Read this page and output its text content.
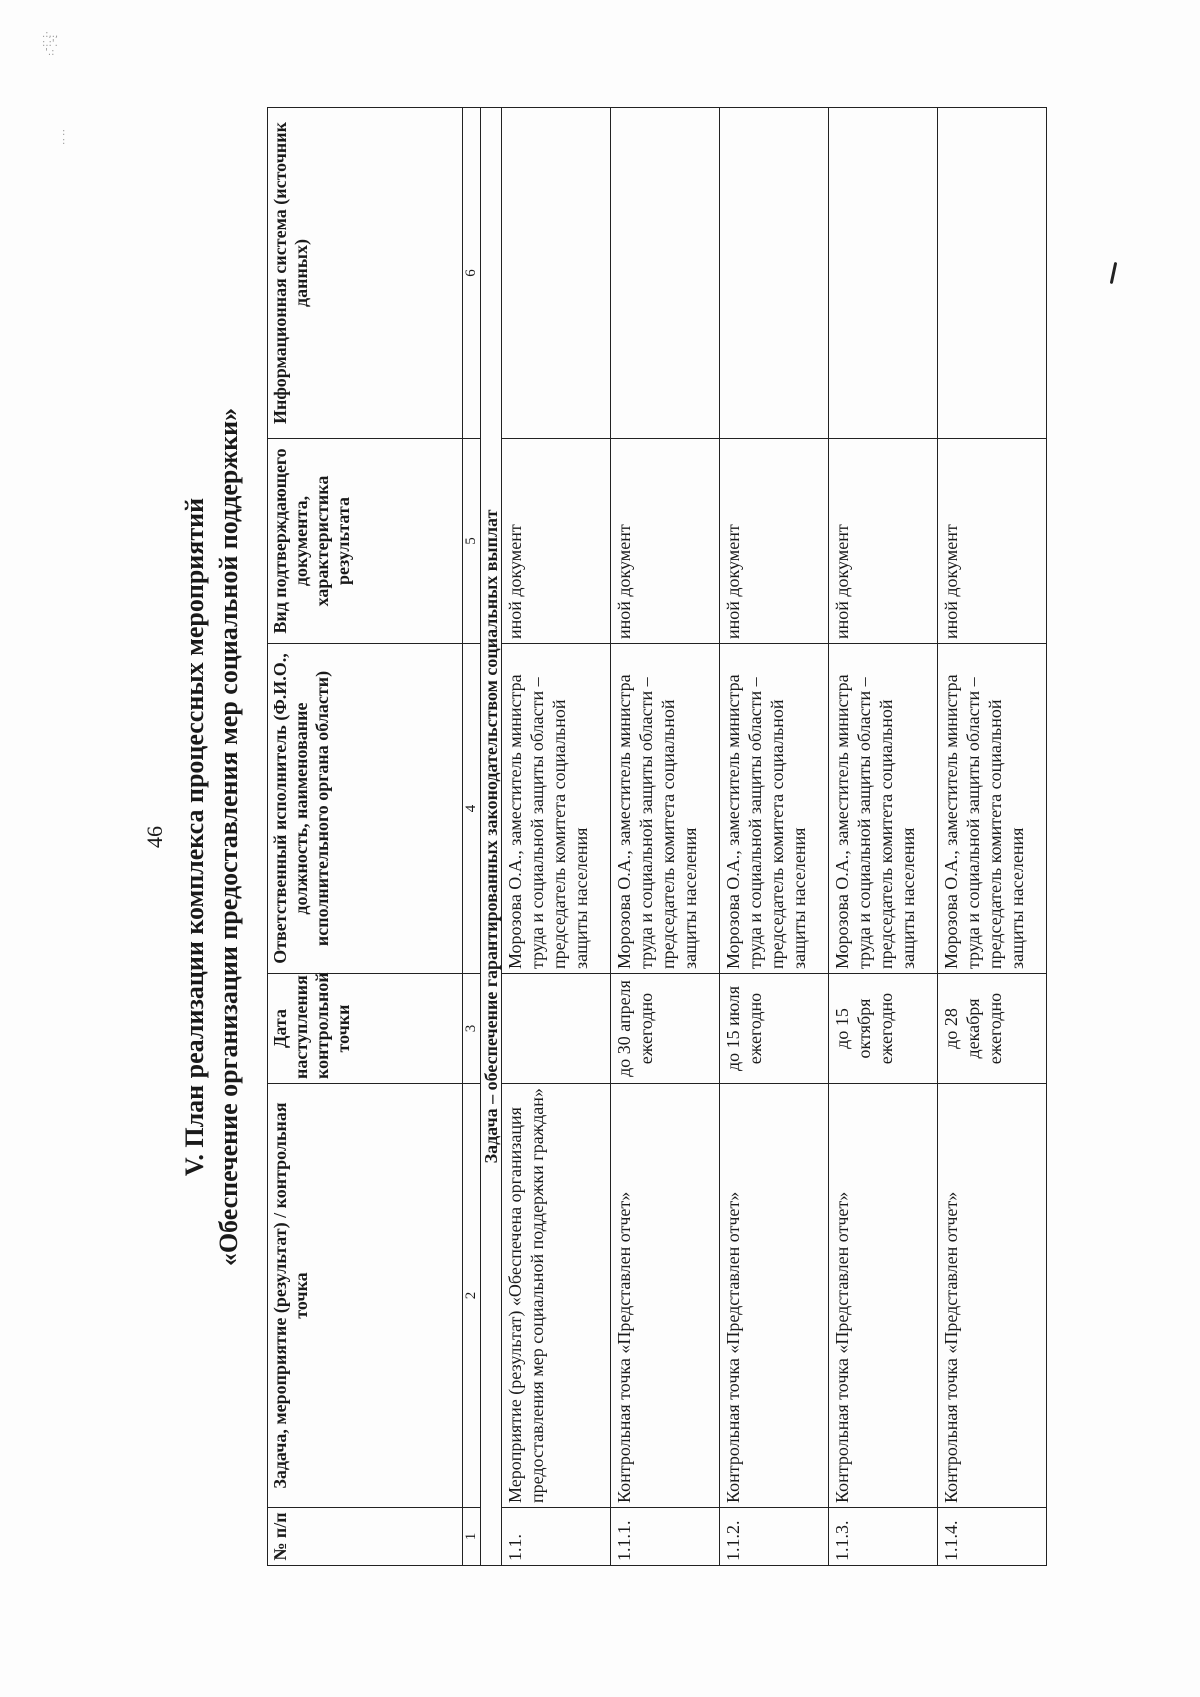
.:,.,
:.:'.
'.:
:
:
46 V. План реализации комплекса процессных мероприятий «Обеспечение организации предоставления мер социальной поддержки»
№ п/п	Задача, мероприятие (результат) / контрольная точка	Дата наступления контрольной точки	Ответственный исполнитель (Ф.И.О., должность, наименование исполнительного органа области)	Вид подтверждающего документа, характеристика результата	Информационная система (источник данных)
1	2	3	4	5	6
Задача – обеспечение гарантированных законодательством социальных выплат					
1.1.	Мероприятие (результат) «Обеспечена организация предоставления мер социальной поддержки граждан»		Морозова О.А., заместитель министра труда и социальной защиты области – председатель комитета социальной защиты населения	иной документ	
1.1.1.	Контрольная точка «Представлен отчет»	до 30 апреля ежегодно	Морозова О.А., заместитель министра труда и социальной защиты области – председатель комитета социальной защиты населения	иной документ	
1.1.2.	Контрольная точка «Представлен отчет»	до 15 июля ежегодно	Морозова О.А., заместитель министра труда и социальной защиты области – председатель комитета социальной защиты населения	иной документ	
1.1.3.	Контрольная точка «Представлен отчет»	до 15 октября ежегодно	Морозова О.А., заместитель министра труда и социальной защиты области – председатель комитета социальной защиты населения	иной документ	
1.1.4.	Контрольная точка «Представлен отчет»	до 28 декабря ежегодно	Морозова О.А., заместитель министра труда и социальной защиты области – председатель комитета социальной защиты населения	иной документ	
